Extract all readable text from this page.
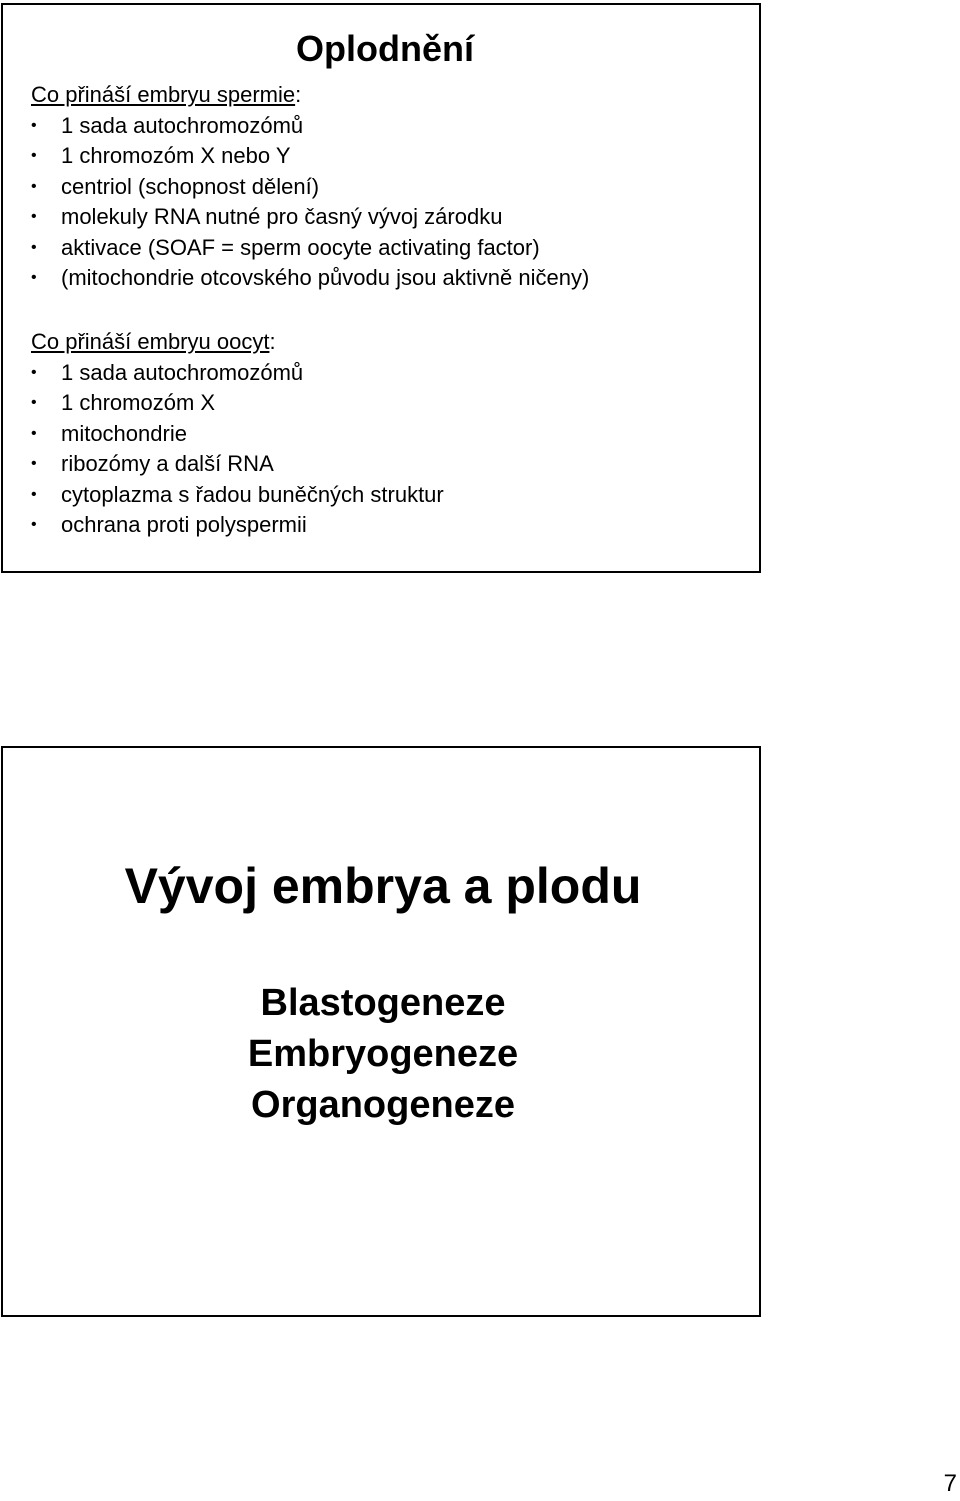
Oplodnění

Co přináší embryu spermie:

• 1 sada autochromozómů
• 1 chromozóm X nebo Y
• centriol (schopnost dělení)
• molekuly RNA nutné pro časný vývoj zárodku
• aktivace (SOAF = sperm oocyte activating factor)
• (mitochondrie otcovského původu jsou aktivně ničeny)

Co přináší embryu oocyt:

• 1 sada autochromozómů
• 1 chromozóm X
• mitochondrie
• ribozómy a další RNA
• cytoplazma s řadou buněčných struktur
• ochrana proti polyspermii
Vývoj embrya a plodu
Blastogeneze
Embryogeneze
Organogeneze
7
